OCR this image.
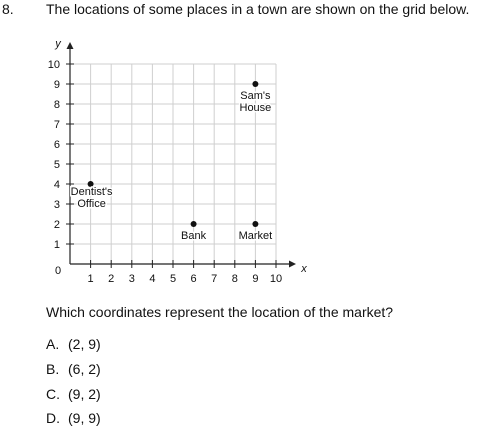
8. The locations of some places in a town are shown on the grid below.
x
y
1 2 3 4 5 6 7 8 9 10
1
2
3
4
5
6
7
8
9
10
0
Dentist's
Office
Bank	Market
Sam's
House
Which coordinates represent the location of the market?
A. (2, 9)
B. (6, 2)
C. (9, 2)
D. (9, 9)
